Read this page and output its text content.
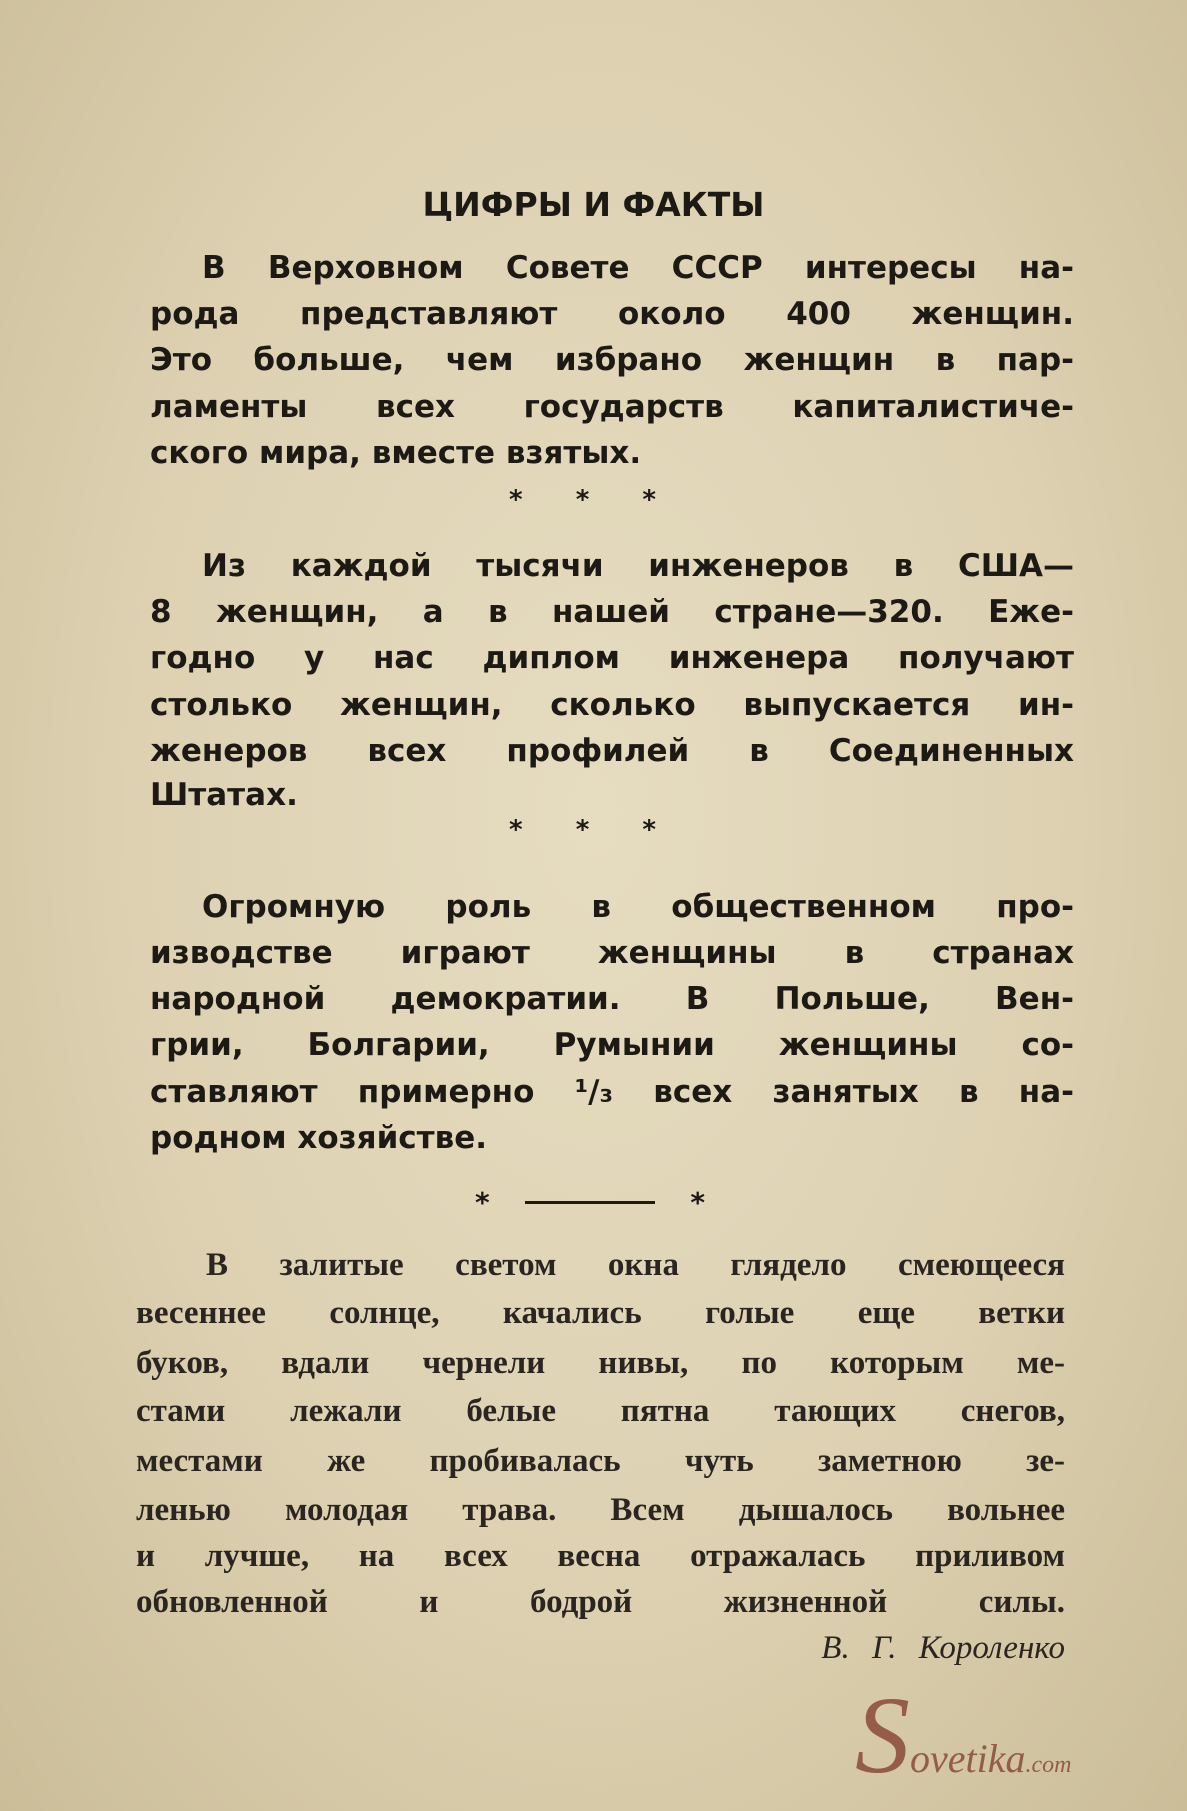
ЦИФРЫ И ФАКТЫ
В Верховном Совете СССР интересы на-
рода представляют около 400 женщин.
Это больше, чем избрано женщин в пар-
ламенты всех государств капиталистиче-
ского мира, вместе взятых.
* * *
Из каждой тысячи инженеров в США—
8 женщин, а в нашей стране—320. Еже-
годно у нас диплом инженера получают
столько женщин, сколько выпускается ин-
женеров всех профилей в Соединенных
Штатах.
* * *
Огромную роль в общественном про-
изводстве играют женщины в странах
народной демократии. В Польше, Вен-
грии, Болгарии, Румынии женщины со-
ставляют примерно ¹/₃ всех занятых в на-
родном хозяйстве.
*	*
В залитые светом окна глядело смеющееся
весеннее солнце, качались голые еще ветки
буков, вдали чернели нивы, по которым ме-
стами лежали белые пятна тающих снегов,
местами же пробивалась чуть заметною зе-
ленью молодая трава. Всем дышалось вольнее
и лучше, на всех весна отражалась приливом
обновленной и бодрой жизненной силы.
В. Г. Короленко
Sovetika.com
